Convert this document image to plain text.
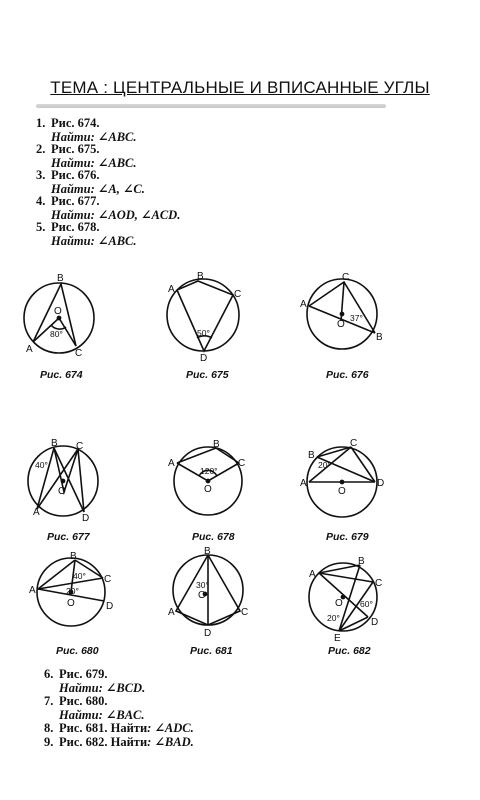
ТЕМА : ЦЕНТРАЛЬНЫЕ И ВПИСАННЫЕ УГЛЫ
1. Рис. 674.
Найти: ∠ABC.
2. Рис. 675.
Найти: ∠ABC.
3. Рис. 676.
Найти: ∠A, ∠C.
4. Рис. 677.
Найти: ∠AOD, ∠ACD.
5. Рис. 678.
Найти: ∠ABC.
B
O
A	C
80°
B
A	C
D
50°
C
A
O
B
37°
Рис. 674	Рис. 675	Рис. 676
B C
A
O
D
40°
B
A	C
O
120°
B
C
A
O
D
20°
Рис. 677	Рис. 678	Рис. 679
B
C
A
O	D
40°
20°
B
A	C
O
D
30°
B
A
C
O
D
E
60°
20°
Рис. 680	Рис. 681	Рис. 682
6. Рис. 679.
Найти: ∠BCD.
7. Рис. 680.
Найти: ∠BAC.
8. Рис. 681. Найти: ∠ADC.
9. Рис. 682. Найти: ∠BAD.
